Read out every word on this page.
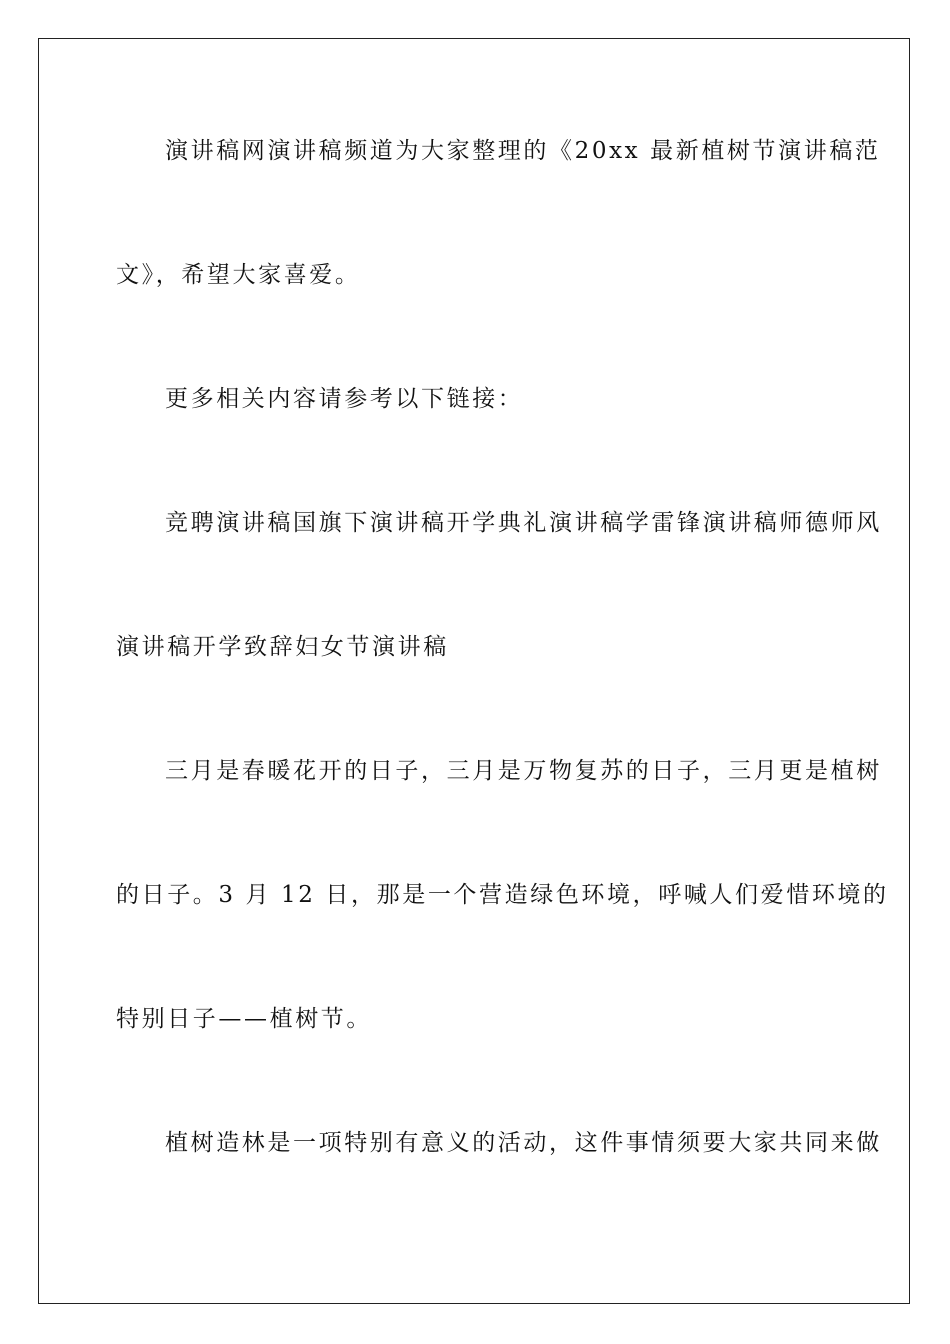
演讲稿网演讲稿频道为大家整理的《20xx 最新植树节演讲稿范
文》，希望大家喜爱。
更多相关内容请参考以下链接：
竞聘演讲稿国旗下演讲稿开学典礼演讲稿学雷锋演讲稿师德师风
演讲稿开学致辞妇女节演讲稿
三月是春暖花开的日子，三月是万物复苏的日子，三月更是植树
的日子。3 月 12 日，那是一个营造绿色环境，呼喊人们爱惜环境的
特别日子——植树节。
植树造林是一项特别有意义的活动，这件事情须要大家共同来做
